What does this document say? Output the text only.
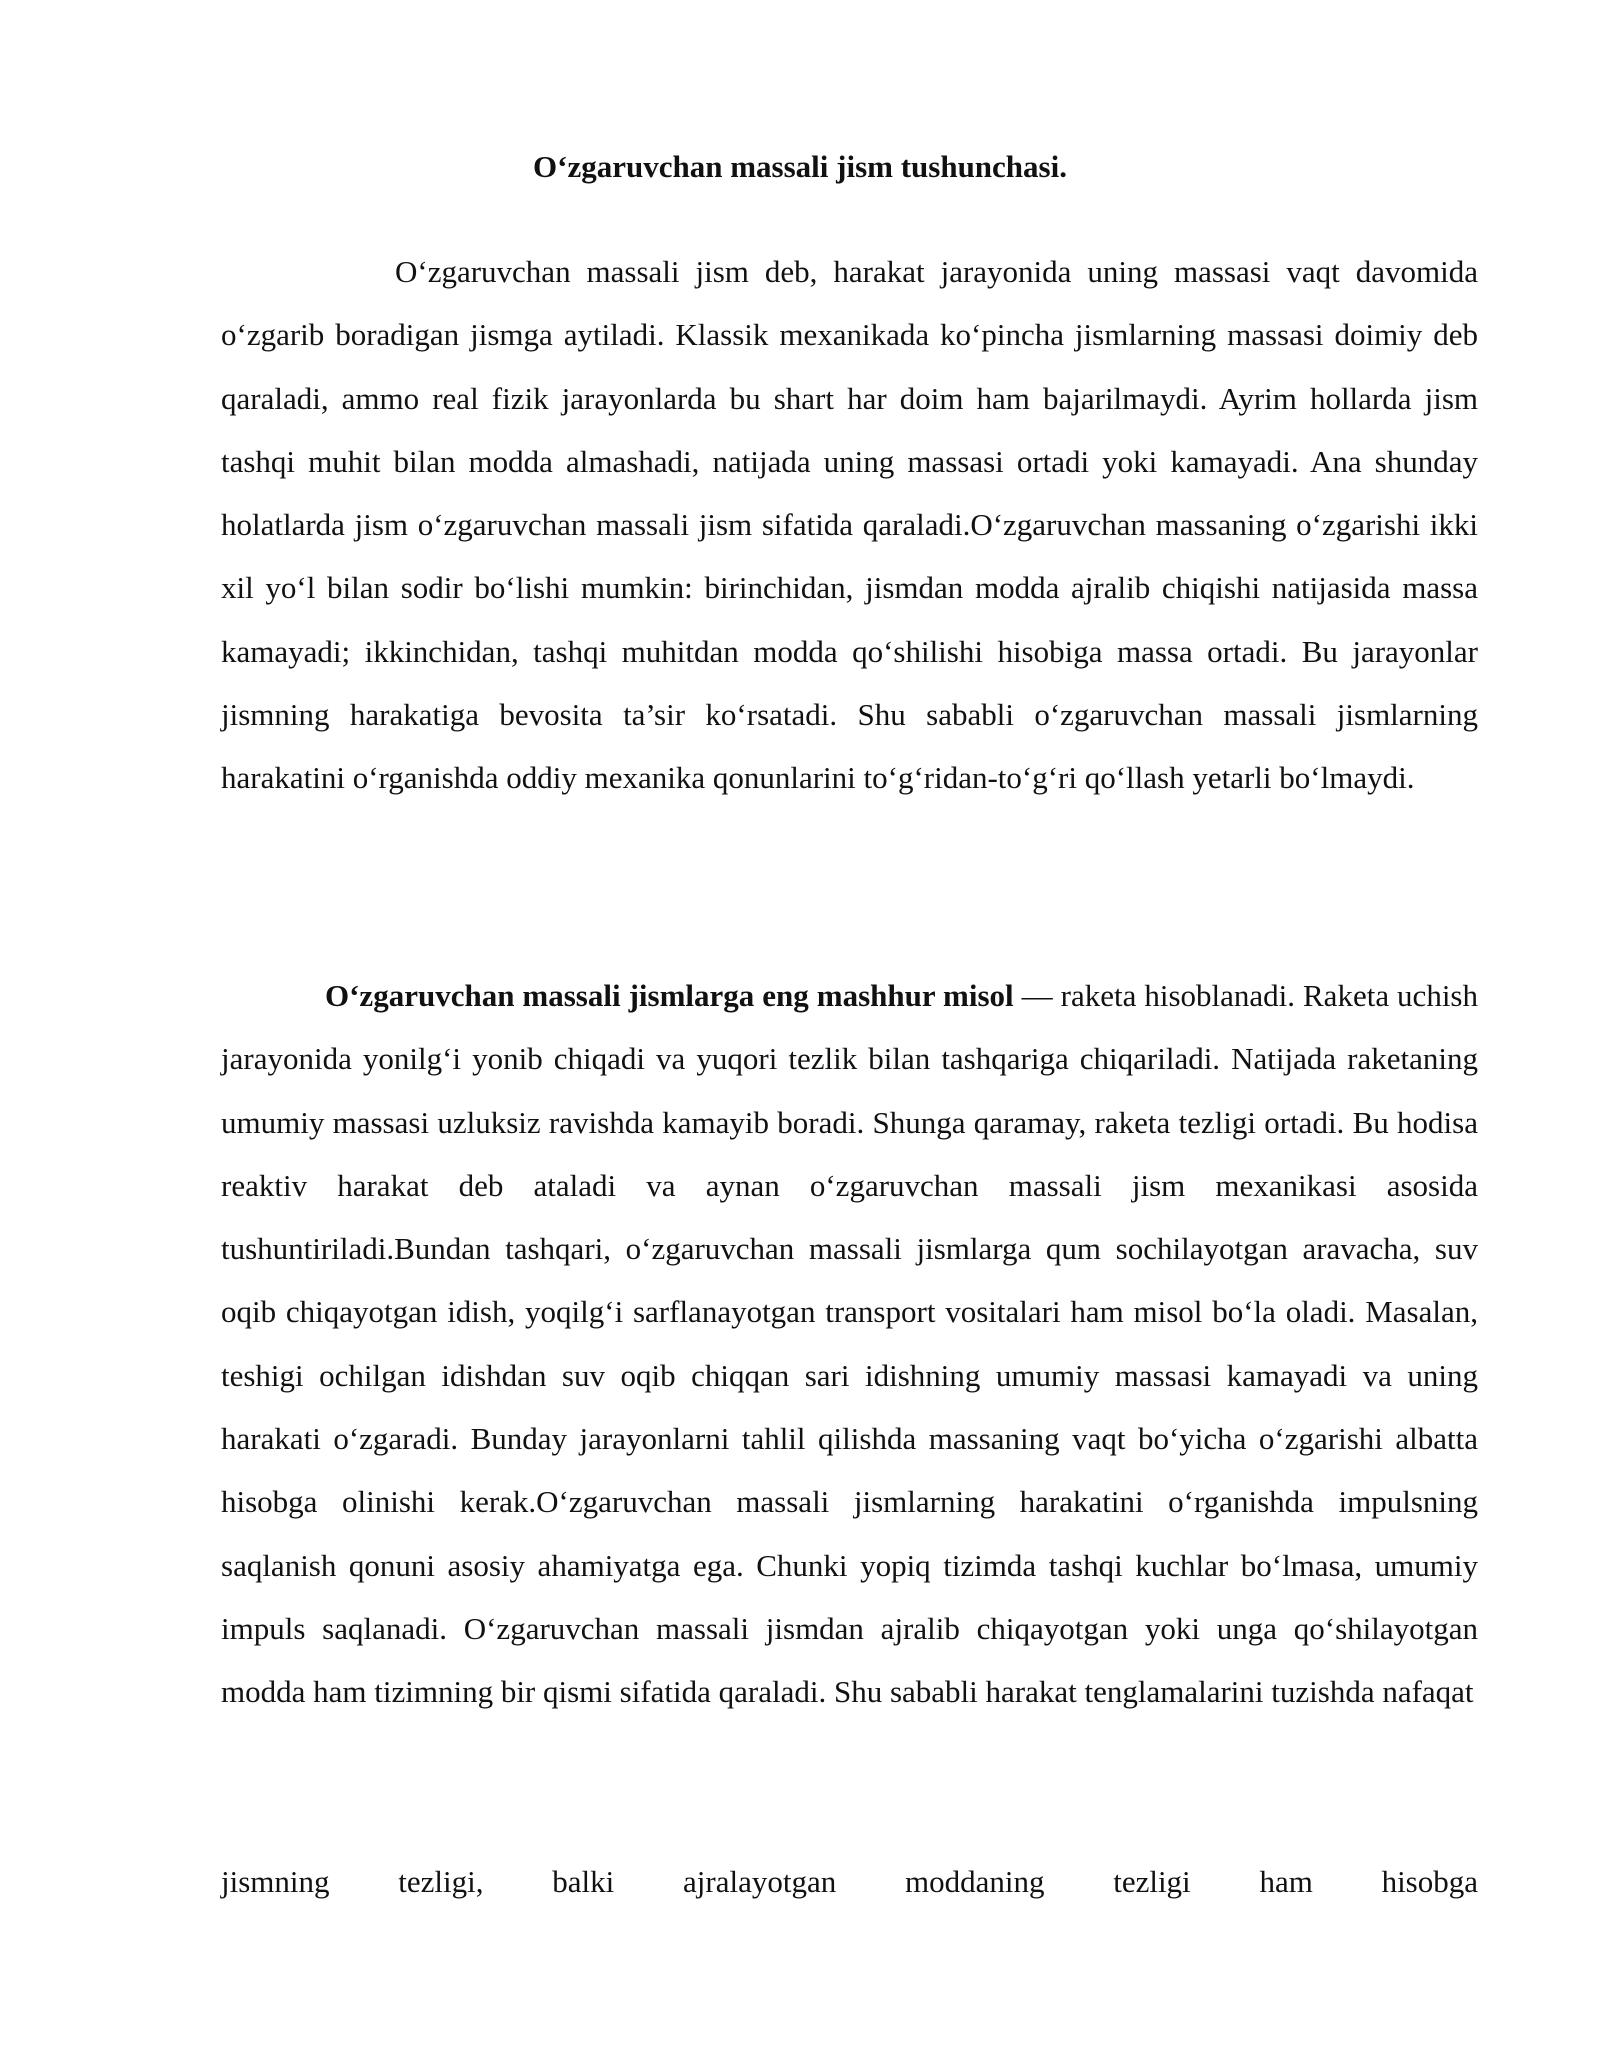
O‘zgaruvchan massali jism tushunchasi.

O‘zgaruvchan massali jism deb, harakat jarayonida uning massasi vaqt davomida o‘zgarib boradigan jismga aytiladi. Klassik mexanikada ko‘pincha jismlarning massasi doimiy deb qaraladi, ammo real fizik jarayonlarda bu shart har doim ham bajarilmaydi. Ayrim hollarda jism tashqi muhit bilan modda almashadi, natijada uning massasi ortadi yoki kamayadi. Ana shunday holatlarda jism o‘zgaruvchan massali jism sifatida qaraladi.O‘zgaruvchan massaning o‘zgarishi ikki xil yo‘l bilan sodir bo‘lishi mumkin: birinchidan, jismdan modda ajralib chiqishi natijasida massa kamayadi; ikkinchidan, tashqi muhitdan modda qo‘shilishi hisobiga massa ortadi. Bu jarayonlar jismning harakatiga bevosita ta’sir ko‘rsatadi. Shu sababli o‘zgaruvchan massali jismlarning harakatini o‘rganishda oddiy mexanika qonunlarini to‘g‘ridan-to‘g‘ri qo‘llash yetarli bo‘lmaydi.

O‘zgaruvchan massali jismlarga eng mashhur misol — raketa hisoblanadi. Raketa uchish jarayonida yonilg‘i yonib chiqadi va yuqori tezlik bilan tashqariga chiqariladi. Natijada raketaning umumiy massasi uzluksiz ravishda kamayib boradi. Shunga qaramay, raketa tezligi ortadi. Bu hodisa reaktiv harakat deb ataladi va aynan o‘zgaruvchan massali jism mexanikasi asosida tushuntiriladi.Bundan tashqari, o‘zgaruvchan massali jismlarga qum sochilayotgan aravacha, suv oqib chiqayotgan idish, yoqilg‘i sarflanayotgan transport vositalari ham misol bo‘la oladi. Masalan, teshigi ochilgan idishdan suv oqib chiqqan sari idishning umumiy massasi kamayadi va uning harakati o‘zgaradi. Bunday jarayonlarni tahlil qilishda massaning vaqt bo‘yicha o‘zgarishi albatta hisobga olinishi kerak.O‘zgaruvchan massali jismlarning harakatini o‘rganishda impulsning saqlanish qonuni asosiy ahamiyatga ega. Chunki yopiq tizimda tashqi kuchlar bo‘lmasa, umumiy impuls saqlanadi. O‘zgaruvchan massali jismdan ajralib chiqayotgan yoki unga qo‘shilayotgan modda ham tizimning bir qismi sifatida qaraladi. Shu sababli harakat tenglamalarini tuzishda nafaqat

jismning tezligi, balki ajralayotgan moddaning tezligi ham hisobga
